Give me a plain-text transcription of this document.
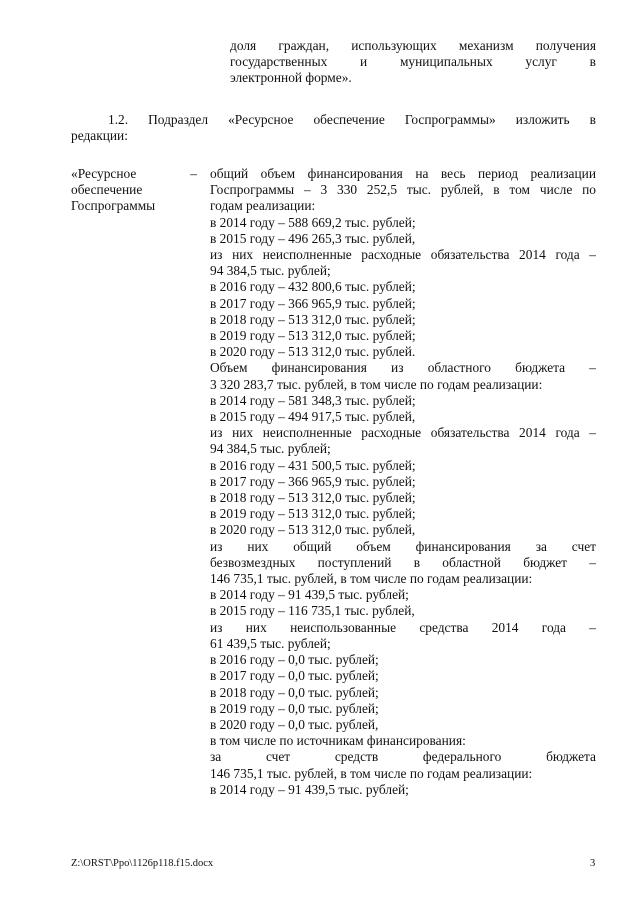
доля граждан, использующих механизм получения
государственных и муниципальных услуг в
электронной форме».
1.2. Подраздел «Ресурсное обеспечение Госпрограммы» изложить в
редакции:
«Ресурсное –
обеспечение
Госпрограммы
общий объем финансирования на весь период реализации
Госпрограммы – 3 330 252,5 тыс. рублей, в том числе по
годам реализации:
в 2014 году – 588 669,2 тыс. рублей;
в 2015 году – 496 265,3 тыс. рублей,
из них неисполненные расходные обязательства 2014 года –
94 384,5 тыс. рублей;
в 2016 году – 432 800,6 тыс. рублей;
в 2017 году – 366 965,9 тыс. рублей;
в 2018 году – 513 312,0 тыс. рублей;
в 2019 году – 513 312,0 тыс. рублей;
в 2020 году – 513 312,0 тыс. рублей.
Объем финансирования из областного бюджета –
3 320 283,7 тыс. рублей, в том числе по годам реализации:
в 2014 году – 581 348,3 тыс. рублей;
в 2015 году – 494 917,5 тыс. рублей,
из них неисполненные расходные обязательства 2014 года –
94 384,5 тыс. рублей;
в 2016 году – 431 500,5 тыс. рублей;
в 2017 году – 366 965,9 тыс. рублей;
в 2018 году – 513 312,0 тыс. рублей;
в 2019 году – 513 312,0 тыс. рублей;
в 2020 году – 513 312,0 тыс. рублей,
из них общий объем финансирования за счет
безвозмездных поступлений в областной бюджет –
146 735,1 тыс. рублей, в том числе по годам реализации:
в 2014 году – 91 439,5 тыс. рублей;
в 2015 году – 116 735,1 тыс. рублей,
из них неиспользованные средства 2014 года –
61 439,5 тыс. рублей;
в 2016 году – 0,0 тыс. рублей;
в 2017 году – 0,0 тыс. рублей;
в 2018 году – 0,0 тыс. рублей;
в 2019 году – 0,0 тыс. рублей;
в 2020 году – 0,0 тыс. рублей,
в том числе по источникам финансирования:
за счет средств федерального бюджета
146 735,1 тыс. рублей, в том числе по годам реализации:
в 2014 году – 91 439,5 тыс. рублей;
Z:\ORST\Ppo\1126p118.f15.docx	3
